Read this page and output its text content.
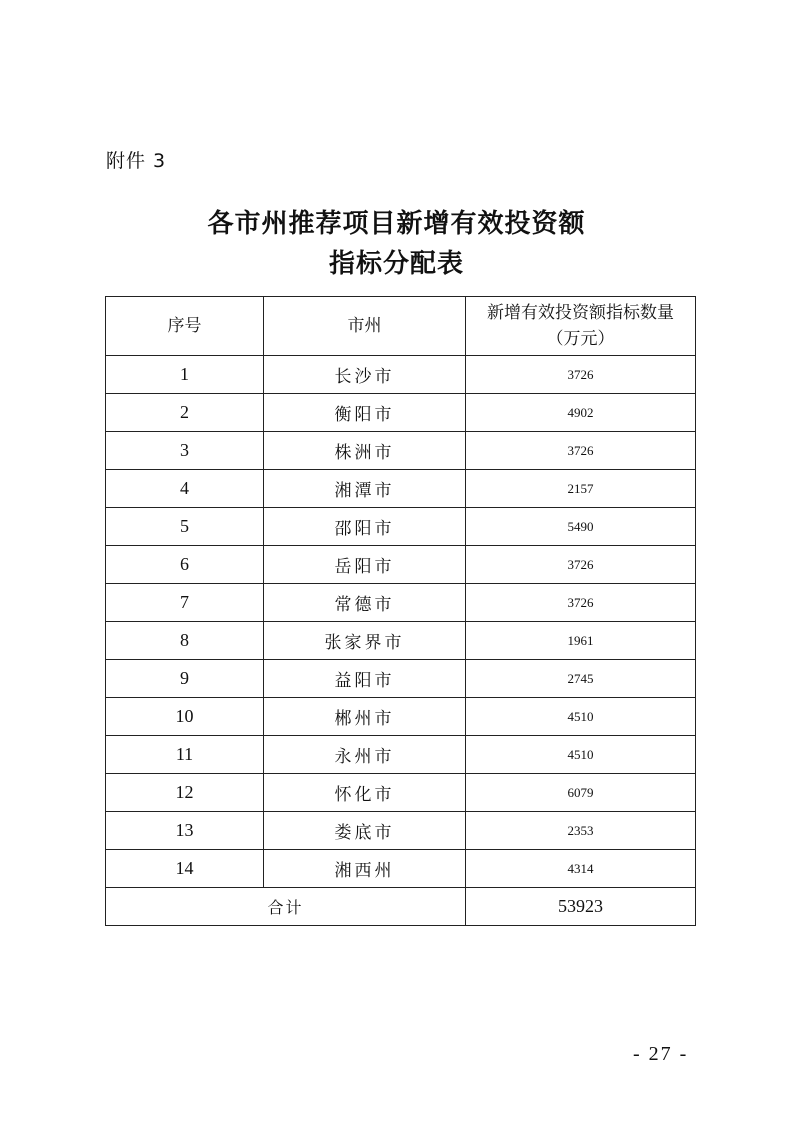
附件 3
各市州推荐项目新增有效投资额
指标分配表
序号	市州	新增有效投资额指标数量
（万元）

1	长沙市	3726
2	衡阳市	4902
3	株洲市	3726
4	湘潭市	2157
5	邵阳市	5490
6	岳阳市	3726
7	常德市	3726
8	张家界市	1961
9	益阳市	2745
10	郴州市	4510
11	永州市	4510
12	怀化市	6079
13	娄底市	2353
14	湘西州	4314
合计		53923
- 27 -
